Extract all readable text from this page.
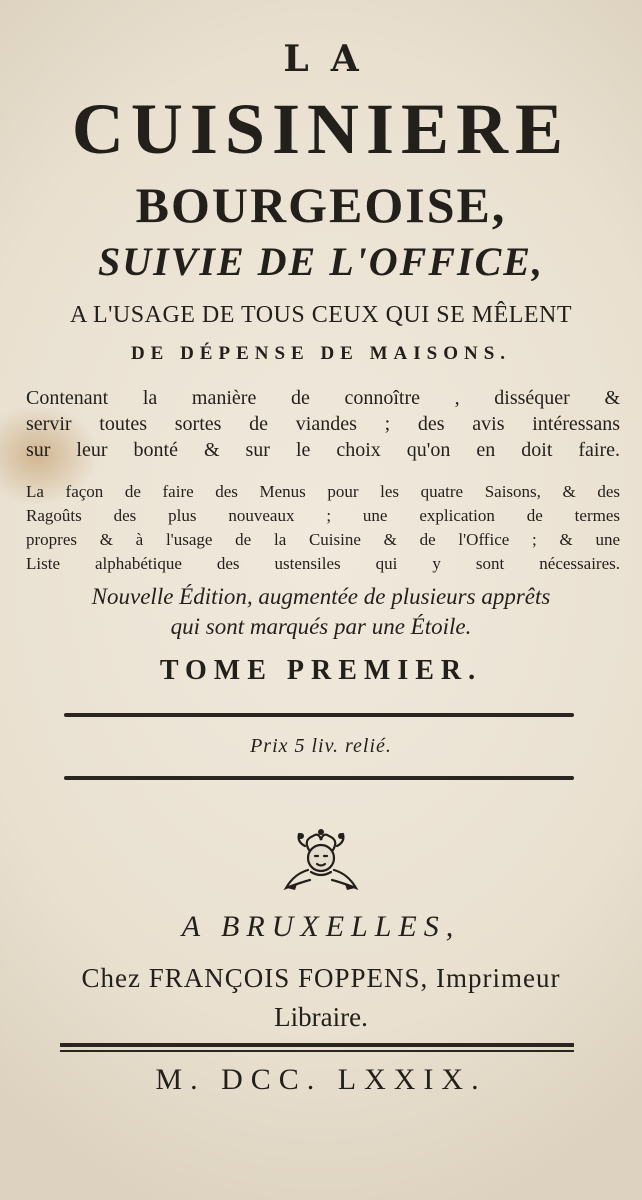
LA
CUISINIERE
BOURGEOISE,
SUIVIE DE L'OFFICE,
A L'USAGE DE TOUS CEUX QUI SE MÊLENT
DE DÉPENSE DE MAISONS.
Contenant la manière de connoître , disséquer &
servir toutes sortes de viandes ; des avis intéressans
sur leur bonté & sur le choix qu'on en doit faire.
La façon de faire des Menus pour les quatre Saisons, & des
Ragoûts des plus nouveaux ; une explication de termes
propres & à l'usage de la Cuisine & de l'Office ; & une
Liste alphabétique des ustensiles qui y sont nécessaires.
Nouvelle Édition, augmentée de plusieurs apprêts
qui sont marqués par une Étoile.
TOME PREMIER.
Prix 5 liv. relié.
A BRUXELLES,
Chez FRANÇOIS FOPPENS, Imprimeur
Libraire.
M. DCC. LXXIX.
